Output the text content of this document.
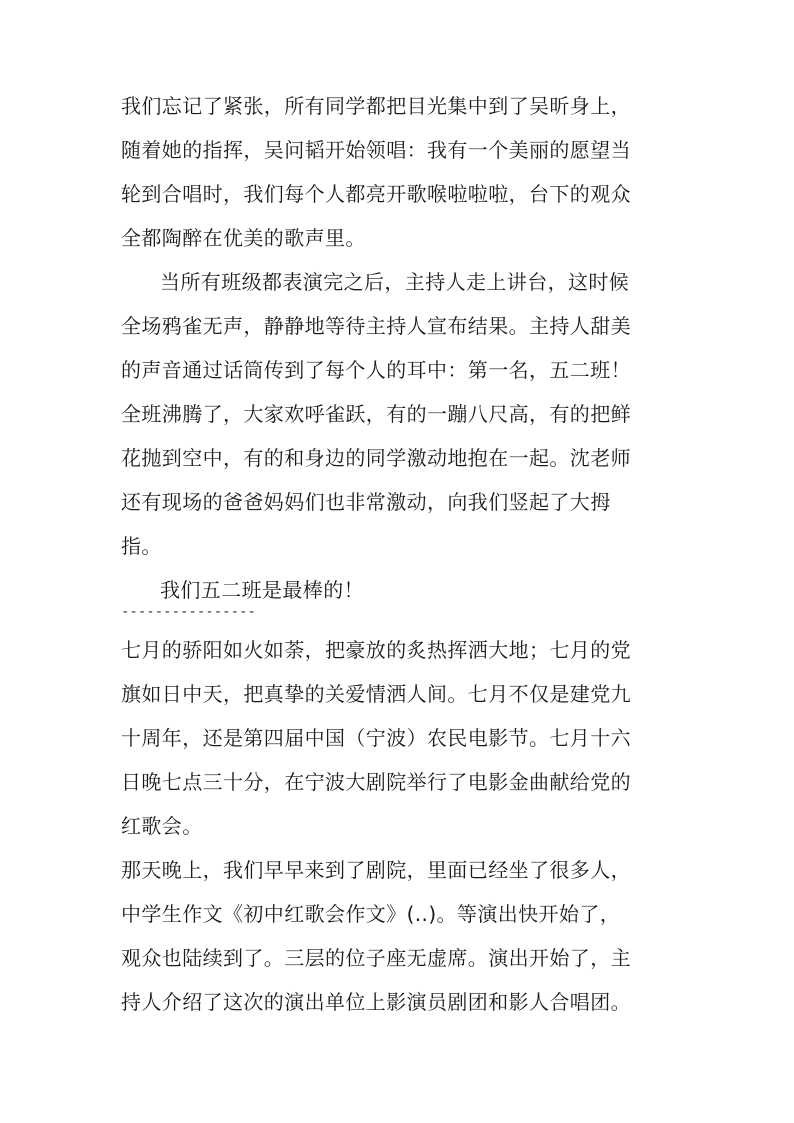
我们忘记了紧张，所有同学都把目光集中到了吴昕身上，
随着她的指挥，吴问韬开始领唱：我有一个美丽的愿望当
轮到合唱时，我们每个人都亮开歌喉啦啦啦，台下的观众
全都陶醉在优美的歌声里。
当所有班级都表演完之后，主持人走上讲台，这时候
全场鸦雀无声，静静地等待主持人宣布结果。主持人甜美
的声音通过话筒传到了每个人的耳中：第一名，五二班！
全班沸腾了，大家欢呼雀跃，有的一蹦八尺高，有的把鲜
花抛到空中，有的和身边的同学激动地抱在一起。沈老师
还有现场的爸爸妈妈们也非常激动，向我们竖起了大拇
指。
我们五二班是最棒的！
----------------
七月的骄阳如火如荼，把豪放的炙热挥洒大地；七月的党
旗如日中天，把真挚的关爱情洒人间。七月不仅是建党九
十周年，还是第四届中国（宁波）农民电影节。七月十六
日晚七点三十分，在宁波大剧院举行了电影金曲献给党的
红歌会。
那天晚上，我们早早来到了剧院，里面已经坐了很多人，
中学生作文《初中红歌会作文》(..)。等演出快开始了，
观众也陆续到了。三层的位子座无虚席。演出开始了，主
持人介绍了这次的演出单位上影演员剧团和影人合唱团。
